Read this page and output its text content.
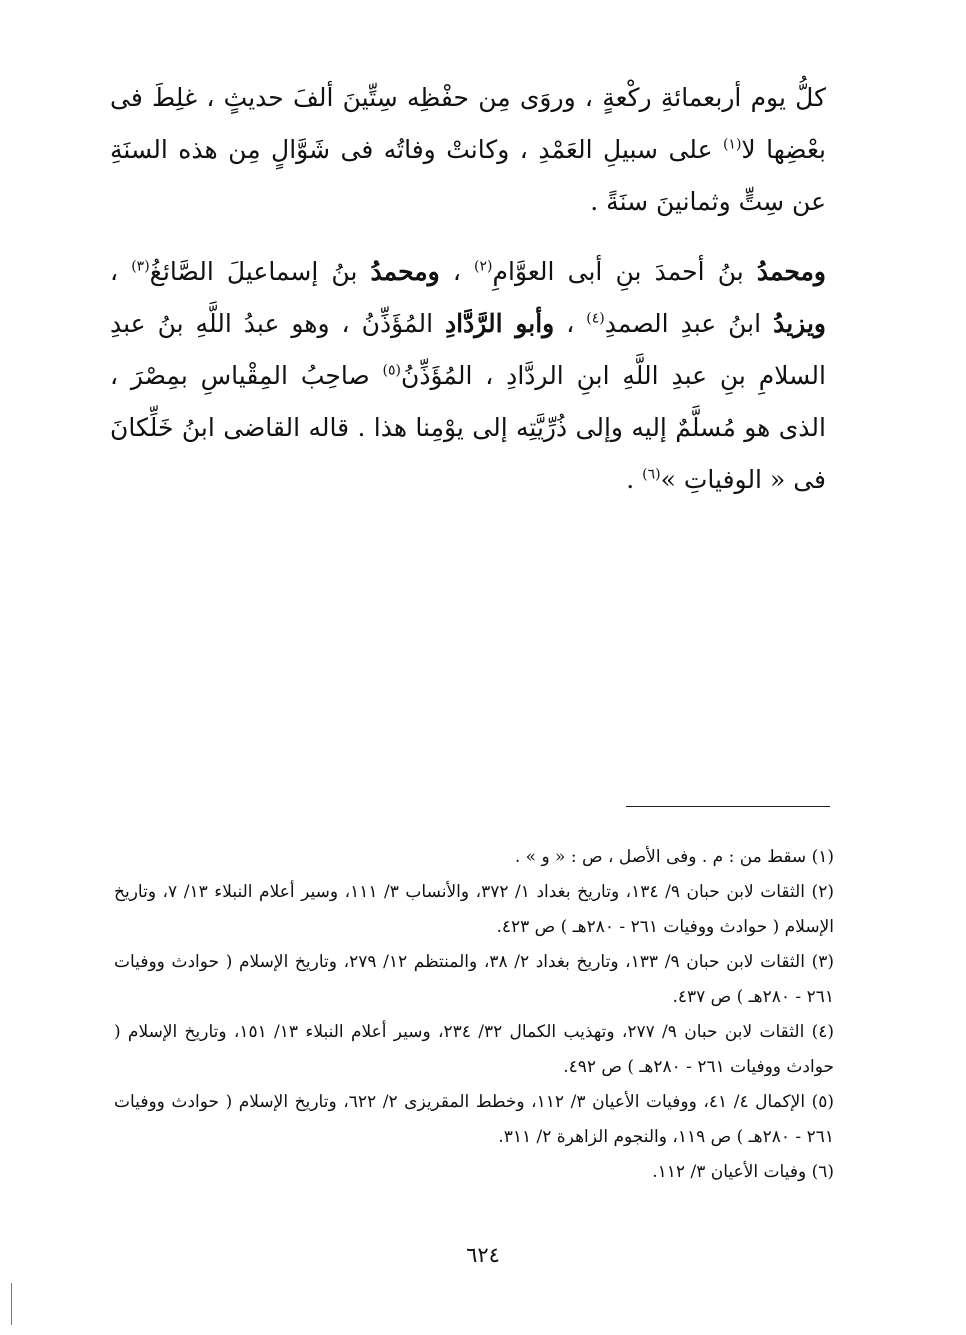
كلُّ يوم أربعمائةِ ركْعةٍ ، وروَى مِن حفْظِه سِتِّينَ ألفَ حديثٍ ، غلِطَ فى بعْضِها لا$^{(١)}$ على سبيلِ العَمْدِ ، وكانتْ وفاتُه فى شَوَّالٍ مِن هذه السنَةِ عن سِتٍّ وثمانينَ سنَةً .

ومحمدُ بنُ أحمدَ بنِ أبى العوَّامِ$^{(٢)}$ ، ومحمدُ بنُ إسماعيلَ الصَّائغُ$^{(٣)}$ ، ويزيدُ ابنُ عبدِ الصمدِ$^{(٤)}$ ، وأبو الرَّدَّادِ المُؤَذِّنُ ، وهو عبدُ اللَّهِ بنُ عبدِ السلامِ بنِ عبدِ اللَّهِ ابنِ الردَّادِ ، المُؤَذِّنُ$^{(٥)}$ صاحِبُ المِقْياسِ بمِصْرَ ، الذى هو مُسلَّمٌ إليه وإلى ذُرِّيَّتِه إلى يوْمِنا هذا . قاله القاضى ابنُ خَلِّكانَ فى « الوفياتِ »$^{(٦)}$ .

(١) سقط من : م . وفى الأصل ، ص : « و » .

(٢) الثقات لابن حبان ٩/ ١٣٤، وتاريخ بغداد ١/ ٣٧٢، والأنساب ٣/ ١١١، وسير أعلام النبلاء ١٣/ ٧، وتاريخ الإسلام ( حوادث ووفيات ٢٦١ - ٢٨٠هـ ) ص ٤٢٣.

(٣) الثقات لابن حبان ٩/ ١٣٣، وتاريخ بغداد ٢/ ٣٨، والمنتظم ١٢/ ٢٧٩، وتاريخ الإسلام ( حوادث ووفيات ٢٦١ - ٢٨٠هـ ) ص ٤٣٧.

(٤) الثقات لابن حبان ٩/ ٢٧٧، وتهذيب الكمال ٣٢/ ٢٣٤، وسير أعلام النبلاء ١٣/ ١٥١، وتاريخ الإسلام ( حوادث ووفيات ٢٦١ - ٢٨٠هـ ) ص ٤٩٢.

(٥) الإكمال ٤/ ٤١، ووفيات الأعيان ٣/ ١١٢، وخطط المقريزى ٢/ ٦٢٢، وتاريخ الإسلام ( حوادث ووفيات ٢٦١ - ٢٨٠هـ ) ص ١١٩، والنجوم الزاهرة ٢/ ٣١١.

(٦) وفيات الأعيان ٣/ ١١٢.

٦٢٤
